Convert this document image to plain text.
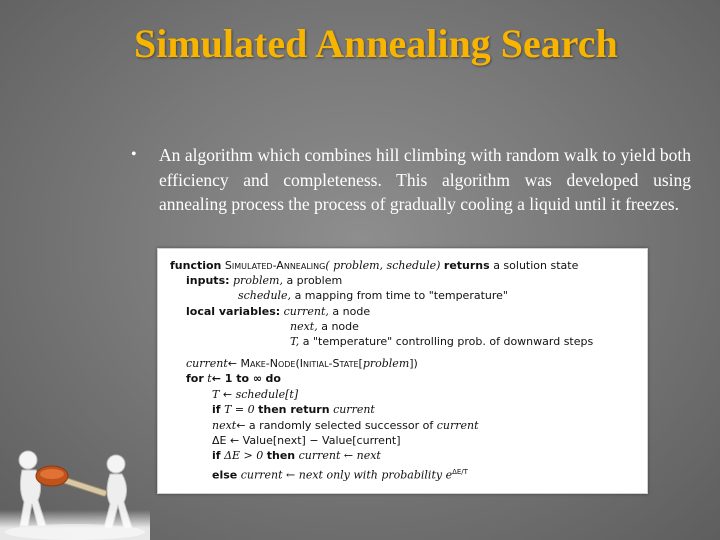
Simulated Annealing Search
• An algorithm which combines hill climbing with random walk to yield both efficiency and completeness. This algorithm was developed using annealing process the process of gradually cooling a liquid until it freezes.
function Simulated-Annealing( problem, schedule) returns a solution state
inputs: problem, a problem
schedule, a mapping from time to "temperature"
local variables: current, a node
next, a node
T, a "temperature" controlling prob. of downward steps
current← Make-Node(Initial-State[problem])
for t← 1 to ∞ do
T ← schedule[t]
if T = 0 then return current
next← a randomly selected successor of current
ΔE ← Value[next] − Value[current]
if ΔE > 0 then current ← next
else current ← next only with probability $e^{\Delta E/T}$
